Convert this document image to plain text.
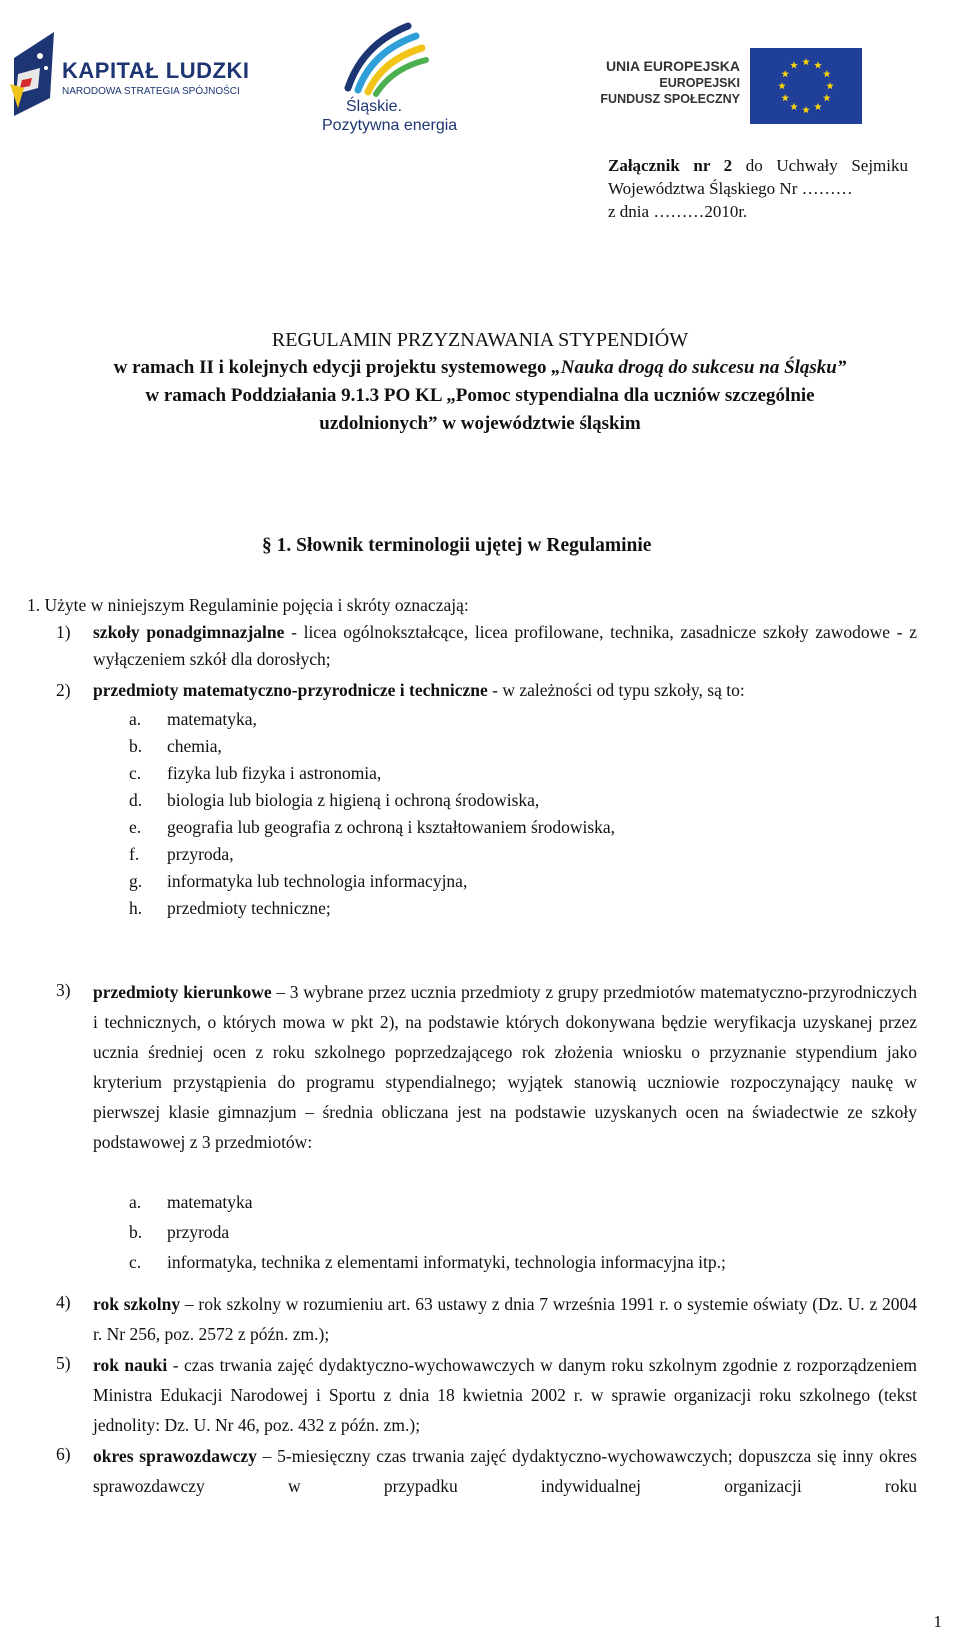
KAPITAŁ LUDZKI
NARODOWA STRATEGIA SPÓJNOŚCI
Śląskie.
Pozytywna energia
UNIA EUROPEJSKA
EUROPEJSKI
FUNDUSZ SPOŁECZNY
Załącznik nr 2 do Uchwały Sejmiku Województwa Śląskiego Nr ………
z dnia ………2010r.
REGULAMIN PRZYZNAWANIA STYPENDIÓW
w ramach II i kolejnych edycji projektu systemowego „Nauka drogą do sukcesu na Śląsku”
w ramach Poddziałania 9.1.3 PO KL „Pomoc stypendialna dla uczniów szczególnie
uzdolnionych” w województwie śląskim
§ 1. Słownik terminologii ujętej w Regulaminie
1. Użyte w niniejszym Regulaminie pojęcia i skróty oznaczają:
1) szkoły ponadgimnazjalne - licea ogólnokształcące, licea profilowane, technika, zasadnicze szkoły zawodowe - z wyłączeniem szkół dla dorosłych;
2) przedmioty matematyczno-przyrodnicze i techniczne - w zależności od typu szkoły, są to:
a. matematyka,
b. chemia,
c. fizyka lub fizyka i astronomia,
d. biologia lub biologia z higieną i ochroną środowiska,
e. geografia lub geografia z ochroną i kształtowaniem środowiska,
f. przyroda,
g. informatyka lub technologia informacyjna,
h. przedmioty techniczne;
3) przedmioty kierunkowe – 3 wybrane przez ucznia przedmioty z grupy przedmiotów matematyczno-przyrodniczych i technicznych, o których mowa w pkt 2), na podstawie których dokonywana będzie weryfikacja uzyskanej przez ucznia średniej ocen z roku szkolnego poprzedzającego rok złożenia wniosku o przyznanie stypendium jako kryterium przystąpienia do programu stypendialnego; wyjątek stanowią uczniowie rozpoczynający naukę w pierwszej klasie gimnazjum – średnia obliczana jest na podstawie uzyskanych ocen na świadectwie ze szkoły podstawowej z 3 przedmiotów:
a. matematyka
b. przyroda
c. informatyka, technika z elementami informatyki, technologia informacyjna itp.;
4) rok szkolny – rok szkolny w rozumieniu art. 63 ustawy z dnia 7 września 1991 r. o systemie oświaty (Dz. U. z 2004 r. Nr 256, poz. 2572 z późn. zm.);
5) rok nauki - czas trwania zajęć dydaktyczno-wychowawczych w danym roku szkolnym zgodnie z rozporządzeniem Ministra Edukacji Narodowej i Sportu z dnia 18 kwietnia 2002 r. w sprawie organizacji roku szkolnego (tekst jednolity: Dz. U. Nr 46, poz. 432 z późn. zm.);
6) okres sprawozdawczy – 5-miesięczny czas trwania zajęć dydaktyczno-wychowawczych; dopuszcza się inny okres sprawozdawczy w przypadku indywidualnej organizacji roku
1
